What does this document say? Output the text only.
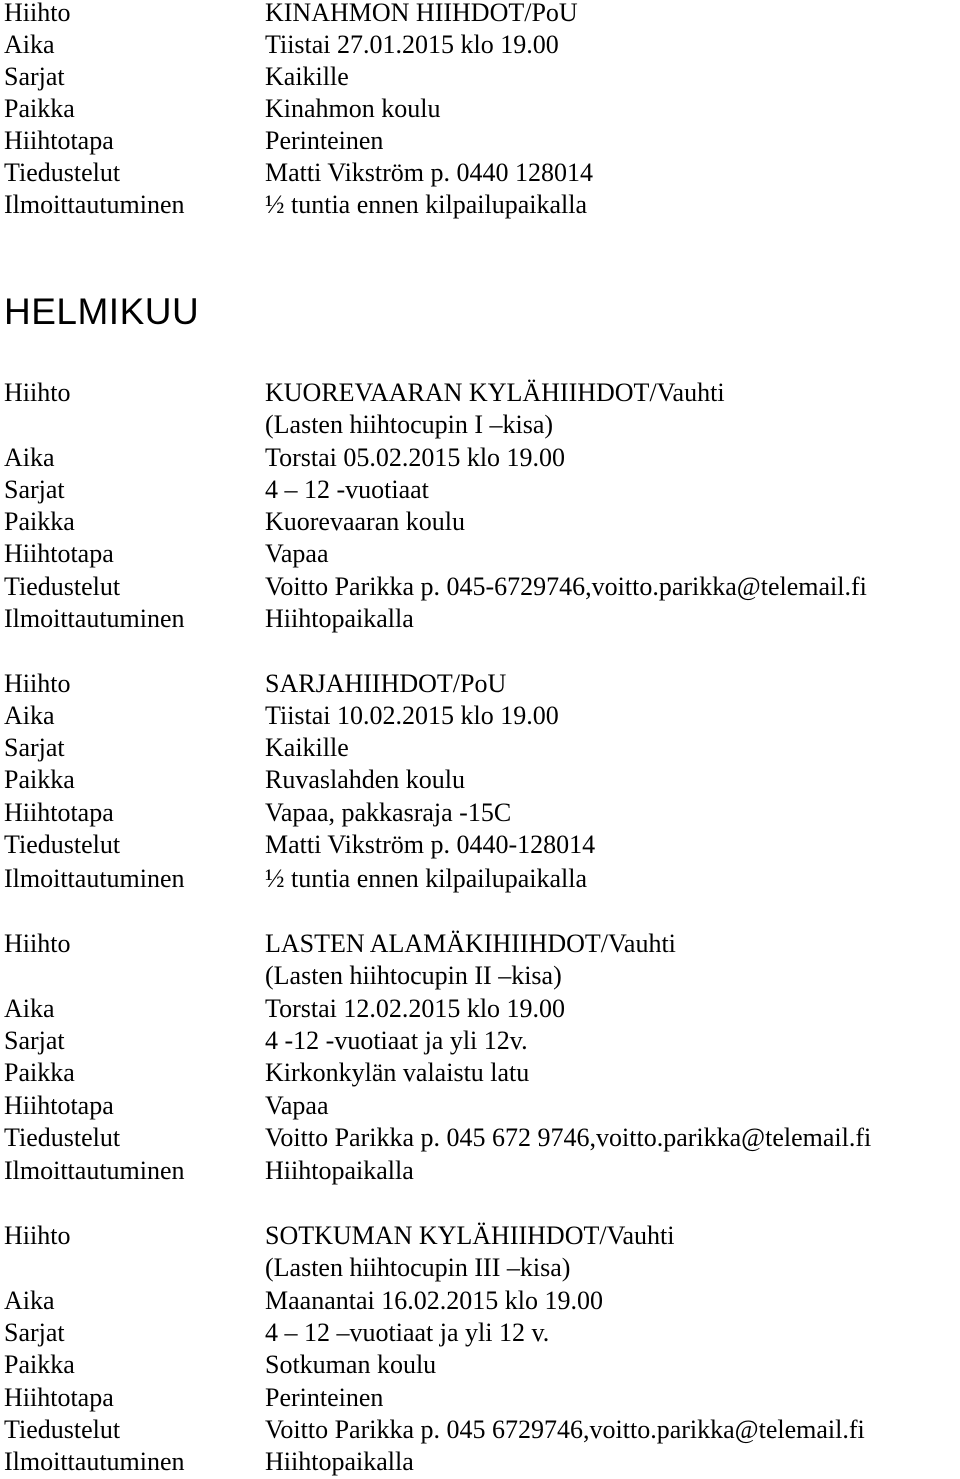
Hiihto	KINAHMON HIIHDOT/PoU
Aika	Tiistai 27.01.2015 klo 19.00
Sarjat	Kaikille
Paikka	Kinahmon koulu
Hiihtotapa	Perinteinen
Tiedustelut	Matti Vikström p. 0440 128014
Ilmoittautuminen	½ tuntia ennen kilpailupaikalla
HELMIKUU
Hiihto	KUOREVAARAN KYLÄHIIHDOT/Vauhti
(Lasten hiihtocupin I –kisa)
Aika	Torstai 05.02.2015 klo 19.00
Sarjat	4 – 12 -vuotiaat
Paikka	Kuorevaaran koulu
Hiihtotapa	Vapaa
Tiedustelut	Voitto Parikka p. 045-6729746,voitto.parikka@telemail.fi
Ilmoittautuminen	Hiihtopaikalla
Hiihto	SARJAHIIHDOT/PoU
Aika	Tiistai 10.02.2015 klo 19.00
Sarjat	Kaikille
Paikka	Ruvaslahden koulu
Hiihtotapa	Vapaa, pakkasraja -15C
Tiedustelut	Matti Vikström p. 0440-128014
Ilmoittautuminen	½ tuntia ennen kilpailupaikalla
Hiihto	LASTEN ALAMÄKIHIIHDOT/Vauhti
(Lasten hiihtocupin II –kisa)
Aika	Torstai 12.02.2015 klo 19.00
Sarjat	4 -12 -vuotiaat ja yli 12v.
Paikka	Kirkonkylän valaistu latu
Hiihtotapa	Vapaa
Tiedustelut	Voitto Parikka p. 045 672 9746,voitto.parikka@telemail.fi
Ilmoittautuminen	Hiihtopaikalla
Hiihto	SOTKUMAN KYLÄHIIHDOT/Vauhti
(Lasten hiihtocupin III –kisa)
Aika	Maanantai 16.02.2015 klo 19.00
Sarjat	4 – 12 –vuotiaat ja yli 12 v.
Paikka	Sotkuman koulu
Hiihtotapa	Perinteinen
Tiedustelut	Voitto Parikka p. 045 6729746,voitto.parikka@telemail.fi
Ilmoittautuminen	Hiihtopaikalla
